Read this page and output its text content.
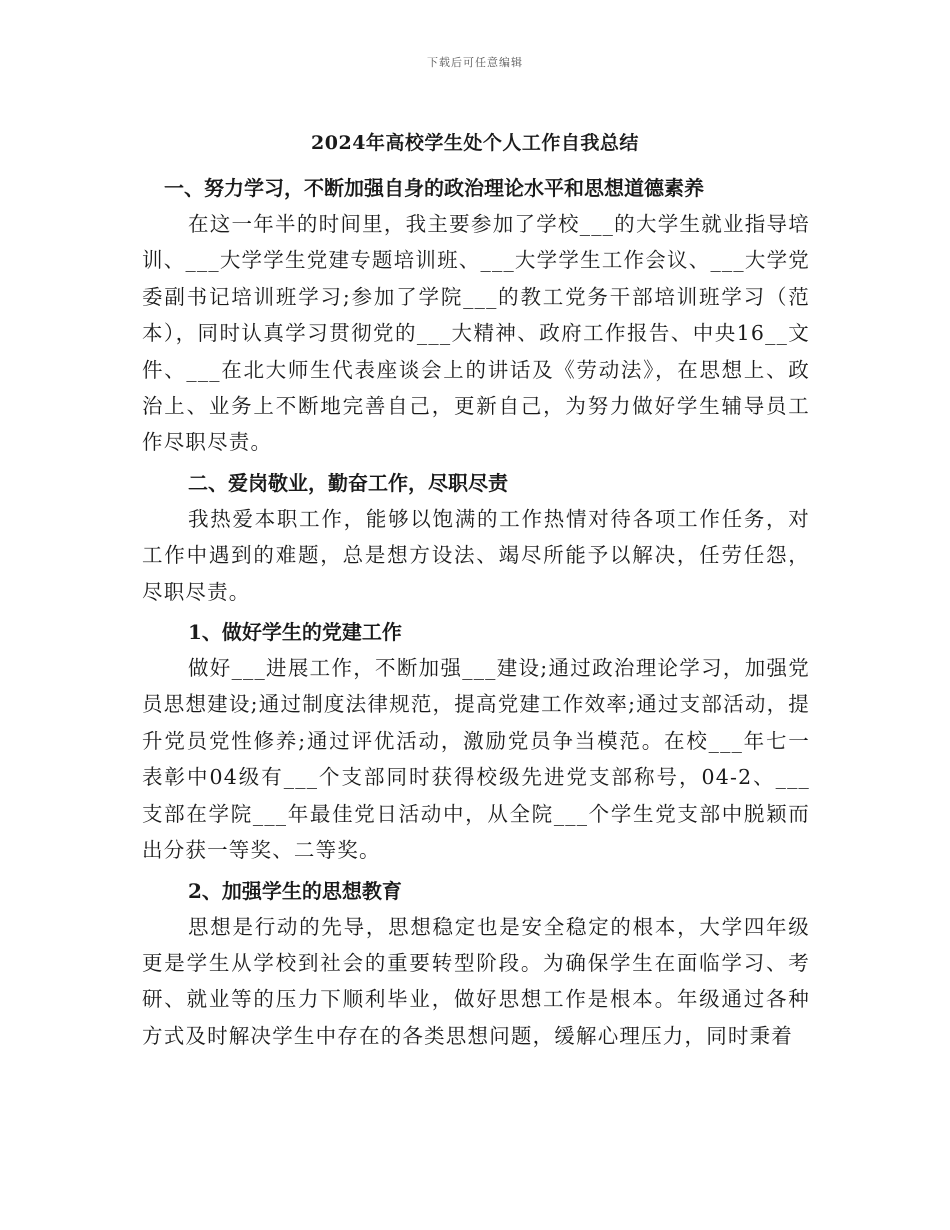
下载后可任意编辑
2024年高校学生处个人工作自我总结

一、努力学习，不断加强自身的政治理论水平和思想道德素养

在这一年半的时间里，我主要参加了学校___的大学生就业指导培训、___大学学生党建专题培训班、___大学学生工作会议、___大学党委副书记培训班学习;参加了学院___的教工党务干部培训班学习（范本），同时认真学习贯彻党的___大精神、政府工作报告、中央16__文件、___在北大师生代表座谈会上的讲话及《劳动法》，在思想上、政治上、业务上不断地完善自己，更新自己，为努力做好学生辅导员工作尽职尽责。

二、爱岗敬业，勤奋工作，尽职尽责

我热爱本职工作，能够以饱满的工作热情对待各项工作任务，对工作中遇到的难题，总是想方设法、竭尽所能予以解决，任劳任怨，尽职尽责。

1、做好学生的党建工作

做好___进展工作，不断加强___建设;通过政治理论学习，加强党员思想建设;通过制度法律规范，提高党建工作效率;通过支部活动，提升党员党性修养;通过评优活动，激励党员争当模范。在校___年七一表彰中04级有___个支部同时获得校级先进党支部称号，04-2、___支部在学院___年最佳党日活动中，从全院___个学生党支部中脱颖而出分获一等奖、二等奖。

2、加强学生的思想教育

思想是行动的先导，思想稳定也是安全稳定的根本，大学四年级更是学生从学校到社会的重要转型阶段。为确保学生在面临学习、考研、就业等的压力下顺利毕业，做好思想工作是根本。年级通过各种方式及时解决学生中存在的各类思想问题，缓解心理压力，同时秉着
